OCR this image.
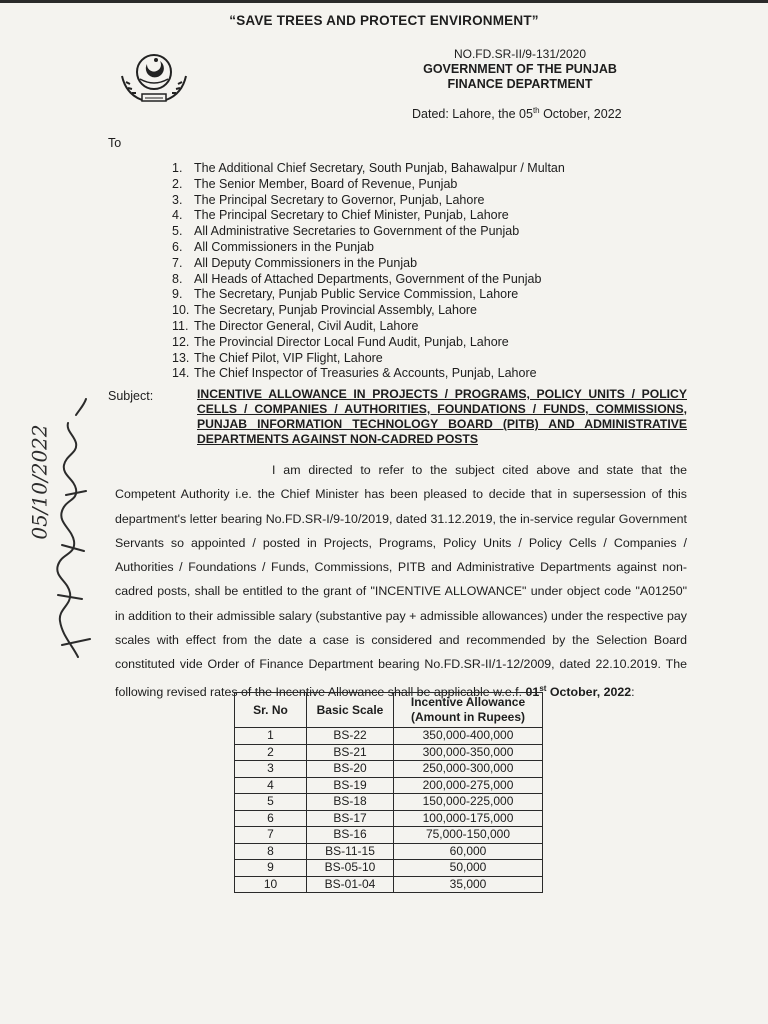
“SAVE TREES AND PROTECT ENVIRONMENT”
NO.FD.SR-II/9-131/2020
GOVERNMENT OF THE PUNJAB
FINANCE DEPARTMENT
Dated: Lahore, the 05th October, 2022
To
1. The Additional Chief Secretary, South Punjab, Bahawalpur / Multan
2. The Senior Member, Board of Revenue, Punjab
3. The Principal Secretary to Governor, Punjab, Lahore
4. The Principal Secretary to Chief Minister, Punjab, Lahore
5. All Administrative Secretaries to Government of the Punjab
6. All Commissioners in the Punjab
7. All Deputy Commissioners in the Punjab
8. All Heads of Attached Departments, Government of the Punjab
9. The Secretary, Punjab Public Service Commission, Lahore
10. The Secretary, Punjab Provincial Assembly, Lahore
11. The Director General, Civil Audit, Lahore
12. The Provincial Director Local Fund Audit, Punjab, Lahore
13. The Chief Pilot, VIP Flight, Lahore
14. The Chief Inspector of Treasuries & Accounts, Punjab, Lahore
Subject:	INCENTIVE ALLOWANCE IN PROJECTS / PROGRAMS, POLICY UNITS / POLICY CELLS / COMPANIES / AUTHORITIES, FOUNDATIONS / FUNDS, COMMISSIONS, PUNJAB INFORMATION TECHNOLOGY BOARD (PITB) AND ADMINISTRATIVE DEPARTMENTS AGAINST NON-CADRED POSTS
I am directed to refer to the subject cited above and state that the Competent Authority i.e. the Chief Minister has been pleased to decide that in supersession of this department's letter bearing No.FD.SR-I/9-10/2019, dated 31.12.2019, the in-service regular Government Servants so appointed / posted in Projects, Programs, Policy Units / Policy Cells / Companies / Authorities / Foundations / Funds, Commissions, PITB and Administrative Departments against non-cadred posts, shall be entitled to the grant of "INCENTIVE ALLOWANCE" under object code "A01250" in addition to their admissible salary (substantive pay + admissible allowances) under the respective pay scales with effect from the date a case is considered and recommended by the Selection Board constituted vide Order of Finance Department bearing No.FD.SR-II/1-12/2009, dated 22.10.2019. The following revised rates of the Incentive Allowance shall be applicable w.e.f. 01st October, 2022:
Sr. No	Basic Scale	Incentive Allowance (Amount in Rupees)
1	BS-22	350,000-400,000
2	BS-21	300,000-350,000
3	BS-20	250,000-300,000
4	BS-19	200,000-275,000
5	BS-18	150,000-225,000
6	BS-17	100,000-175,000
7	BS-16	75,000-150,000
8	BS-11-15	60,000
9	BS-05-10	50,000
10	BS-01-04	35,000
05/10/2022
